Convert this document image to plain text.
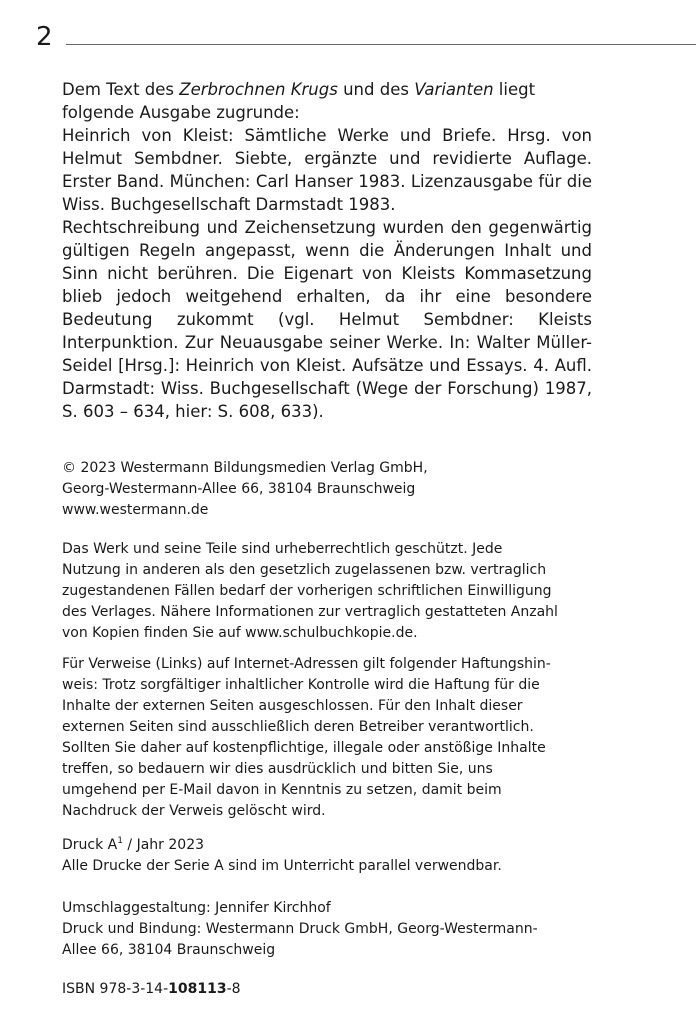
2

Dem Text des Zerbrochnen Krugs und des Varianten liegt folgende Ausgabe zugrunde:

Heinrich von Kleist: Sämtliche Werke und Briefe. Hrsg. von Helmut Sembdner. Siebte, ergänzte und revidierte Auflage. Erster Band. München: Carl Hanser 1983. Lizenzausgabe für die Wiss. Buchgesellschaft Darmstadt 1983.

Rechtschreibung und Zeichensetzung wurden den gegenwärtig gültigen Regeln angepasst, wenn die Änderungen Inhalt und Sinn nicht berühren. Die Eigenart von Kleists Kommasetzung blieb jedoch weitgehend erhalten, da ihr eine besondere Bedeutung zukommt (vgl. Helmut Sembdner: Kleists Interpunktion. Zur Neuausgabe seiner Werke. In: Walter Müller-Seidel [Hrsg.]: Heinrich von Kleist. Aufsätze und Essays. 4. Aufl. Darmstadt: Wiss. Buchgesellschaft (Wege der Forschung) 1987, S. 603 – 634, hier: S. 608, 633).

© 2023 Westermann Bildungsmedien Verlag GmbH,
Georg-Westermann-Allee 66, 38104 Braunschweig
www.westermann.de
Das Werk und seine Teile sind urheberrechtlich geschützt. Jede
Nutzung in anderen als den gesetzlich zugelassenen bzw. vertraglich
zugestandenen Fällen bedarf der vorherigen schriftlichen Einwilligung
des Verlages. Nähere Informationen zur vertraglich gestatteten Anzahl
von Kopien finden Sie auf www.schulbuchkopie.de.
Für Verweise (Links) auf Internet-Adressen gilt folgender Haftungshin-
weis: Trotz sorgfältiger inhaltlicher Kontrolle wird die Haftung für die
Inhalte der externen Seiten ausgeschlossen. Für den Inhalt dieser
externen Seiten sind ausschließlich deren Betreiber verantwortlich.
Sollten Sie daher auf kostenpflichtige, illegale oder anstößige Inhalte
treffen, so bedauern wir dies ausdrücklich und bitten Sie, uns
umgehend per E-Mail davon in Kenntnis zu setzen, damit beim
Nachdruck der Verweis gelöscht wird.
Druck $A^1$ / Jahr 2023
Alle Drucke der Serie A sind im Unterricht parallel verwendbar.
Umschlaggestaltung: Jennifer Kirchhof
Druck und Bindung: Westermann Druck GmbH, Georg-Westermann-
Allee 66, 38104 Braunschweig
ISBN 978-3-14-108113-8
